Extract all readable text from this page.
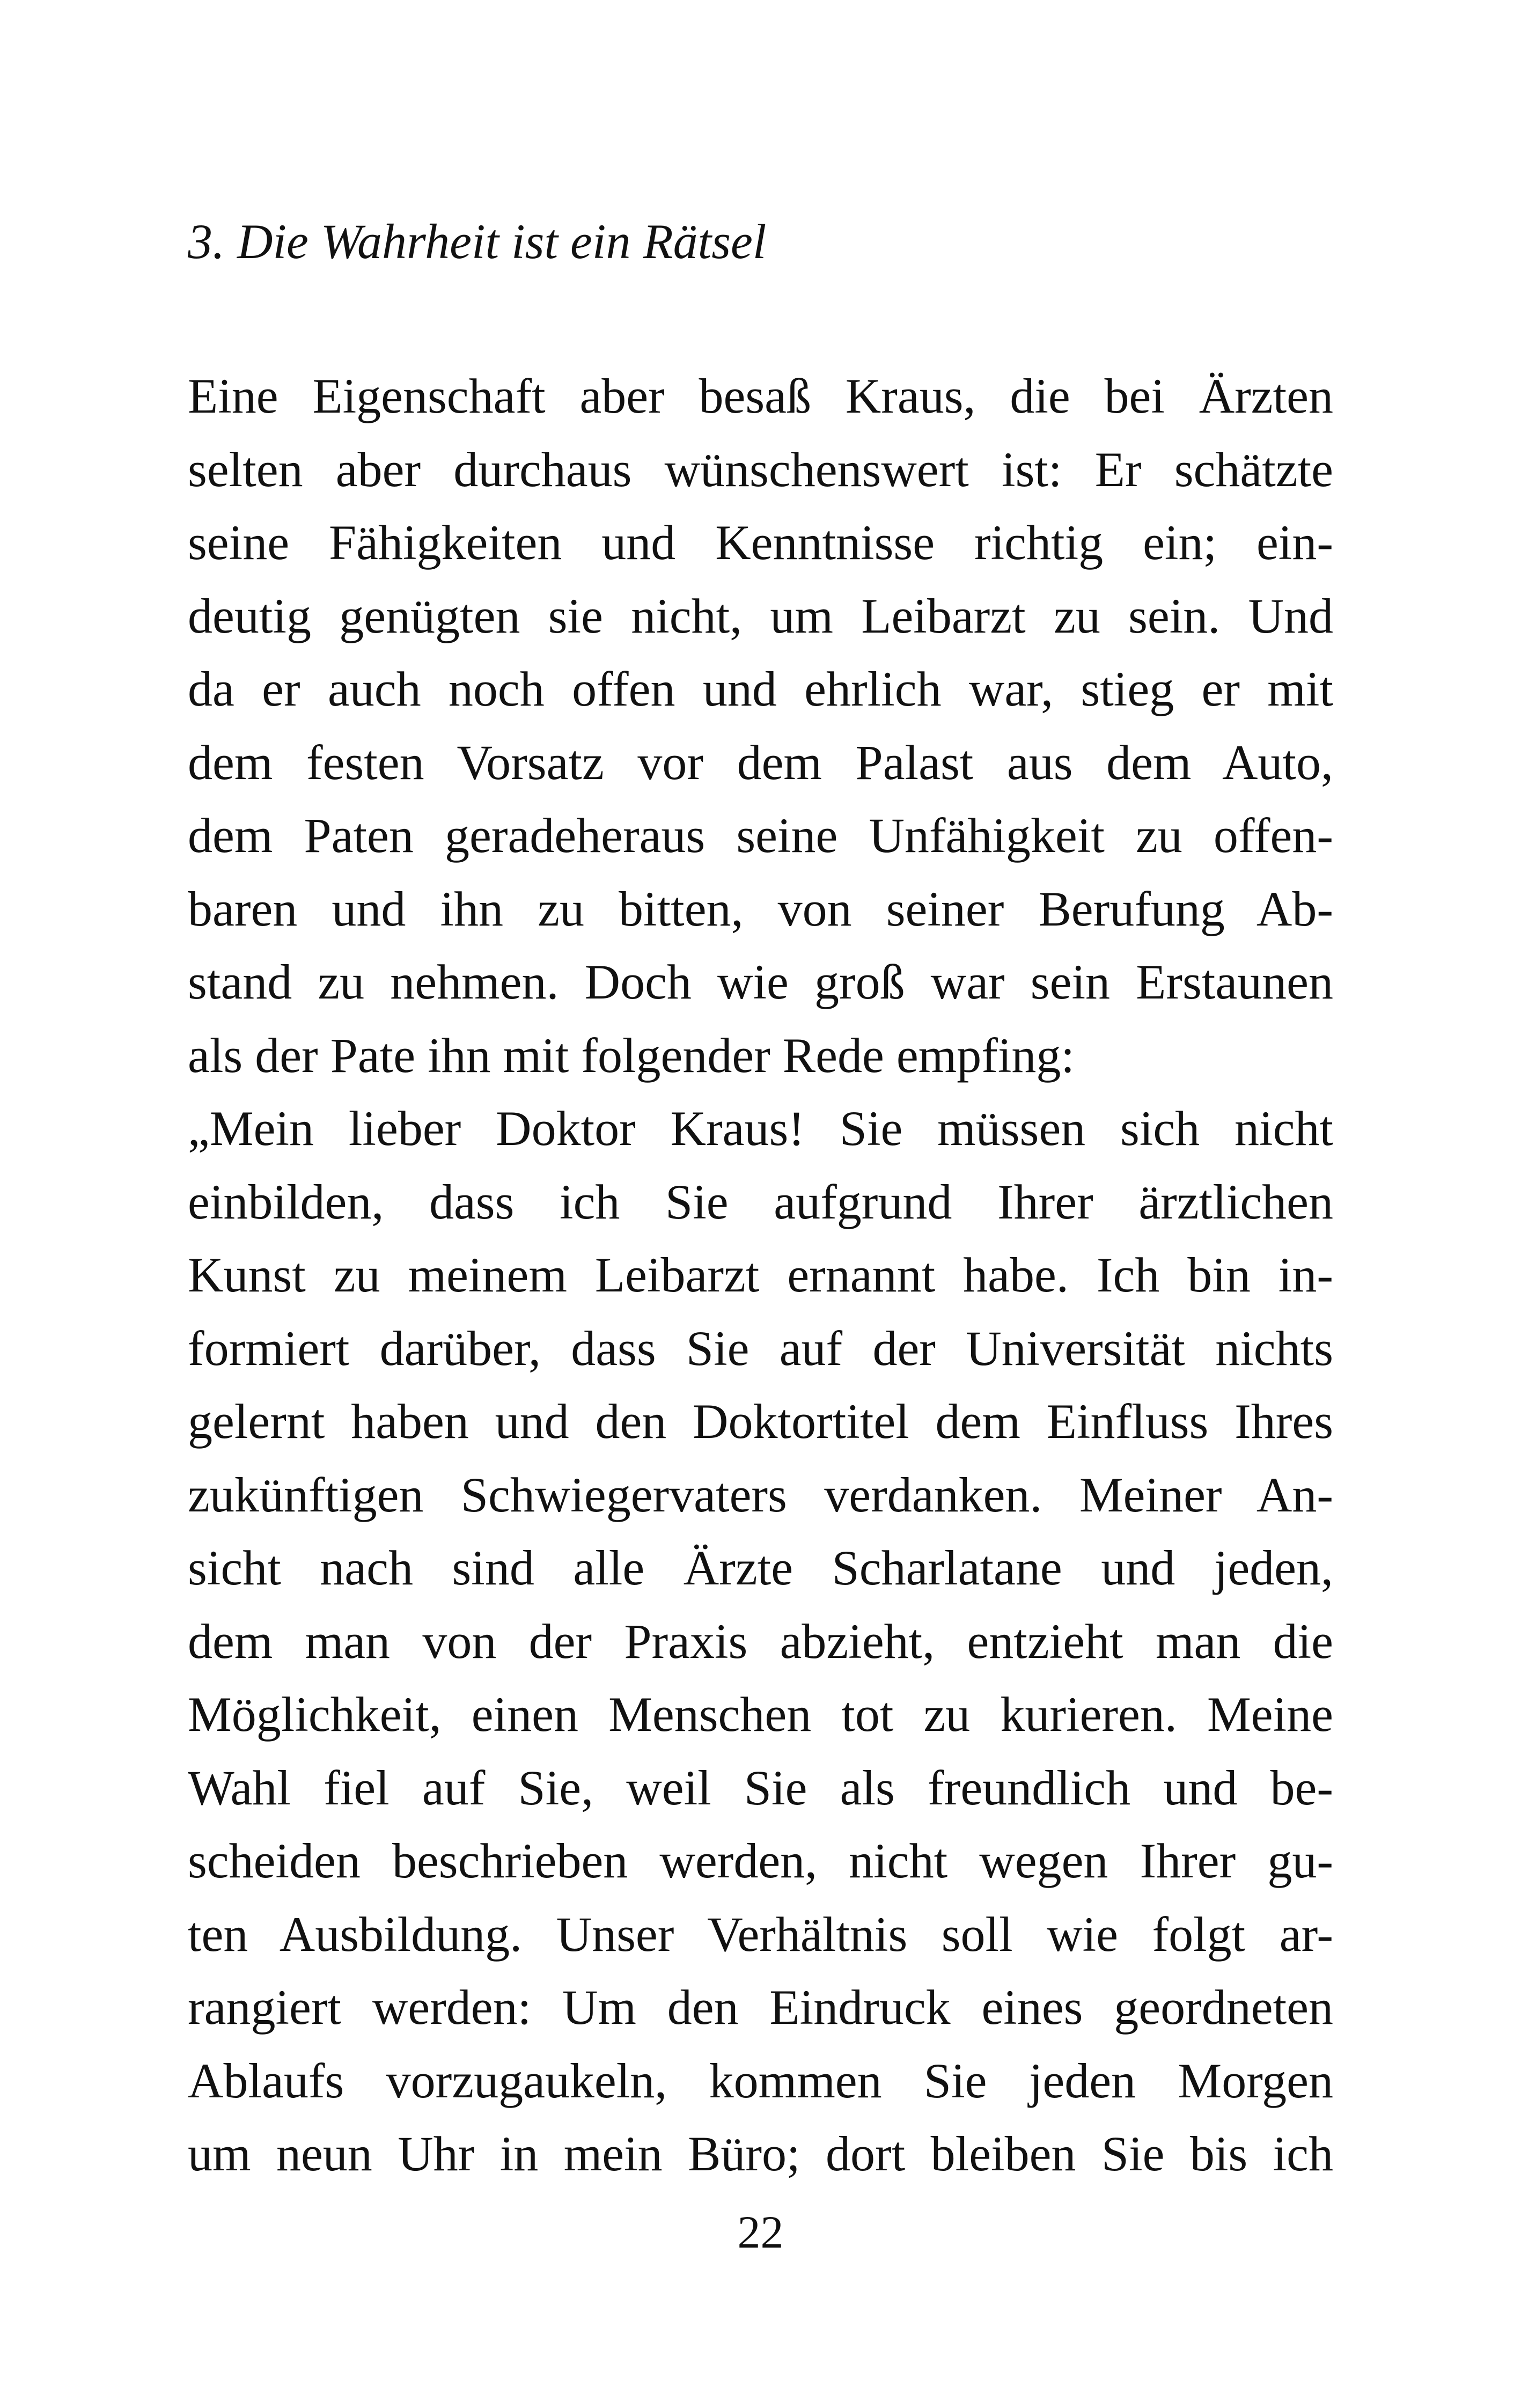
3. Die Wahrheit ist ein Rätsel
Eine Eigenschaft aber besaß Kraus, die bei Ärzten
selten aber durchaus wünschenswert ist: Er schätzte
seine Fähigkeiten und Kenntnisse richtig ein; ein-
deutig genügten sie nicht, um Leibarzt zu sein. Und
da er auch noch offen und ehrlich war, stieg er mit
dem festen Vorsatz vor dem Palast aus dem Auto,
dem Paten geradeheraus seine Unfähigkeit zu offen-
baren und ihn zu bitten, von seiner Berufung Ab-
stand zu nehmen. Doch wie groß war sein Erstaunen
als der Pate ihn mit folgender Rede empfing:
„Mein lieber Doktor Kraus! Sie müssen sich nicht
einbilden, dass ich Sie aufgrund Ihrer ärztlichen
Kunst zu meinem Leibarzt ernannt habe. Ich bin in-
formiert darüber, dass Sie auf der Universität nichts
gelernt haben und den Doktortitel dem Einfluss Ihres
zukünftigen Schwiegervaters verdanken. Meiner An-
sicht nach sind alle Ärzte Scharlatane und jeden,
dem man von der Praxis abzieht, entzieht man die
Möglichkeit, einen Menschen tot zu kurieren. Meine
Wahl fiel auf Sie, weil Sie als freundlich und be-
scheiden beschrieben werden, nicht wegen Ihrer gu-
ten Ausbildung. Unser Verhältnis soll wie folgt ar-
rangiert werden: Um den Eindruck eines geordneten
Ablaufs vorzugaukeln, kommen Sie jeden Morgen
um neun Uhr in mein Büro; dort bleiben Sie bis ich
22
